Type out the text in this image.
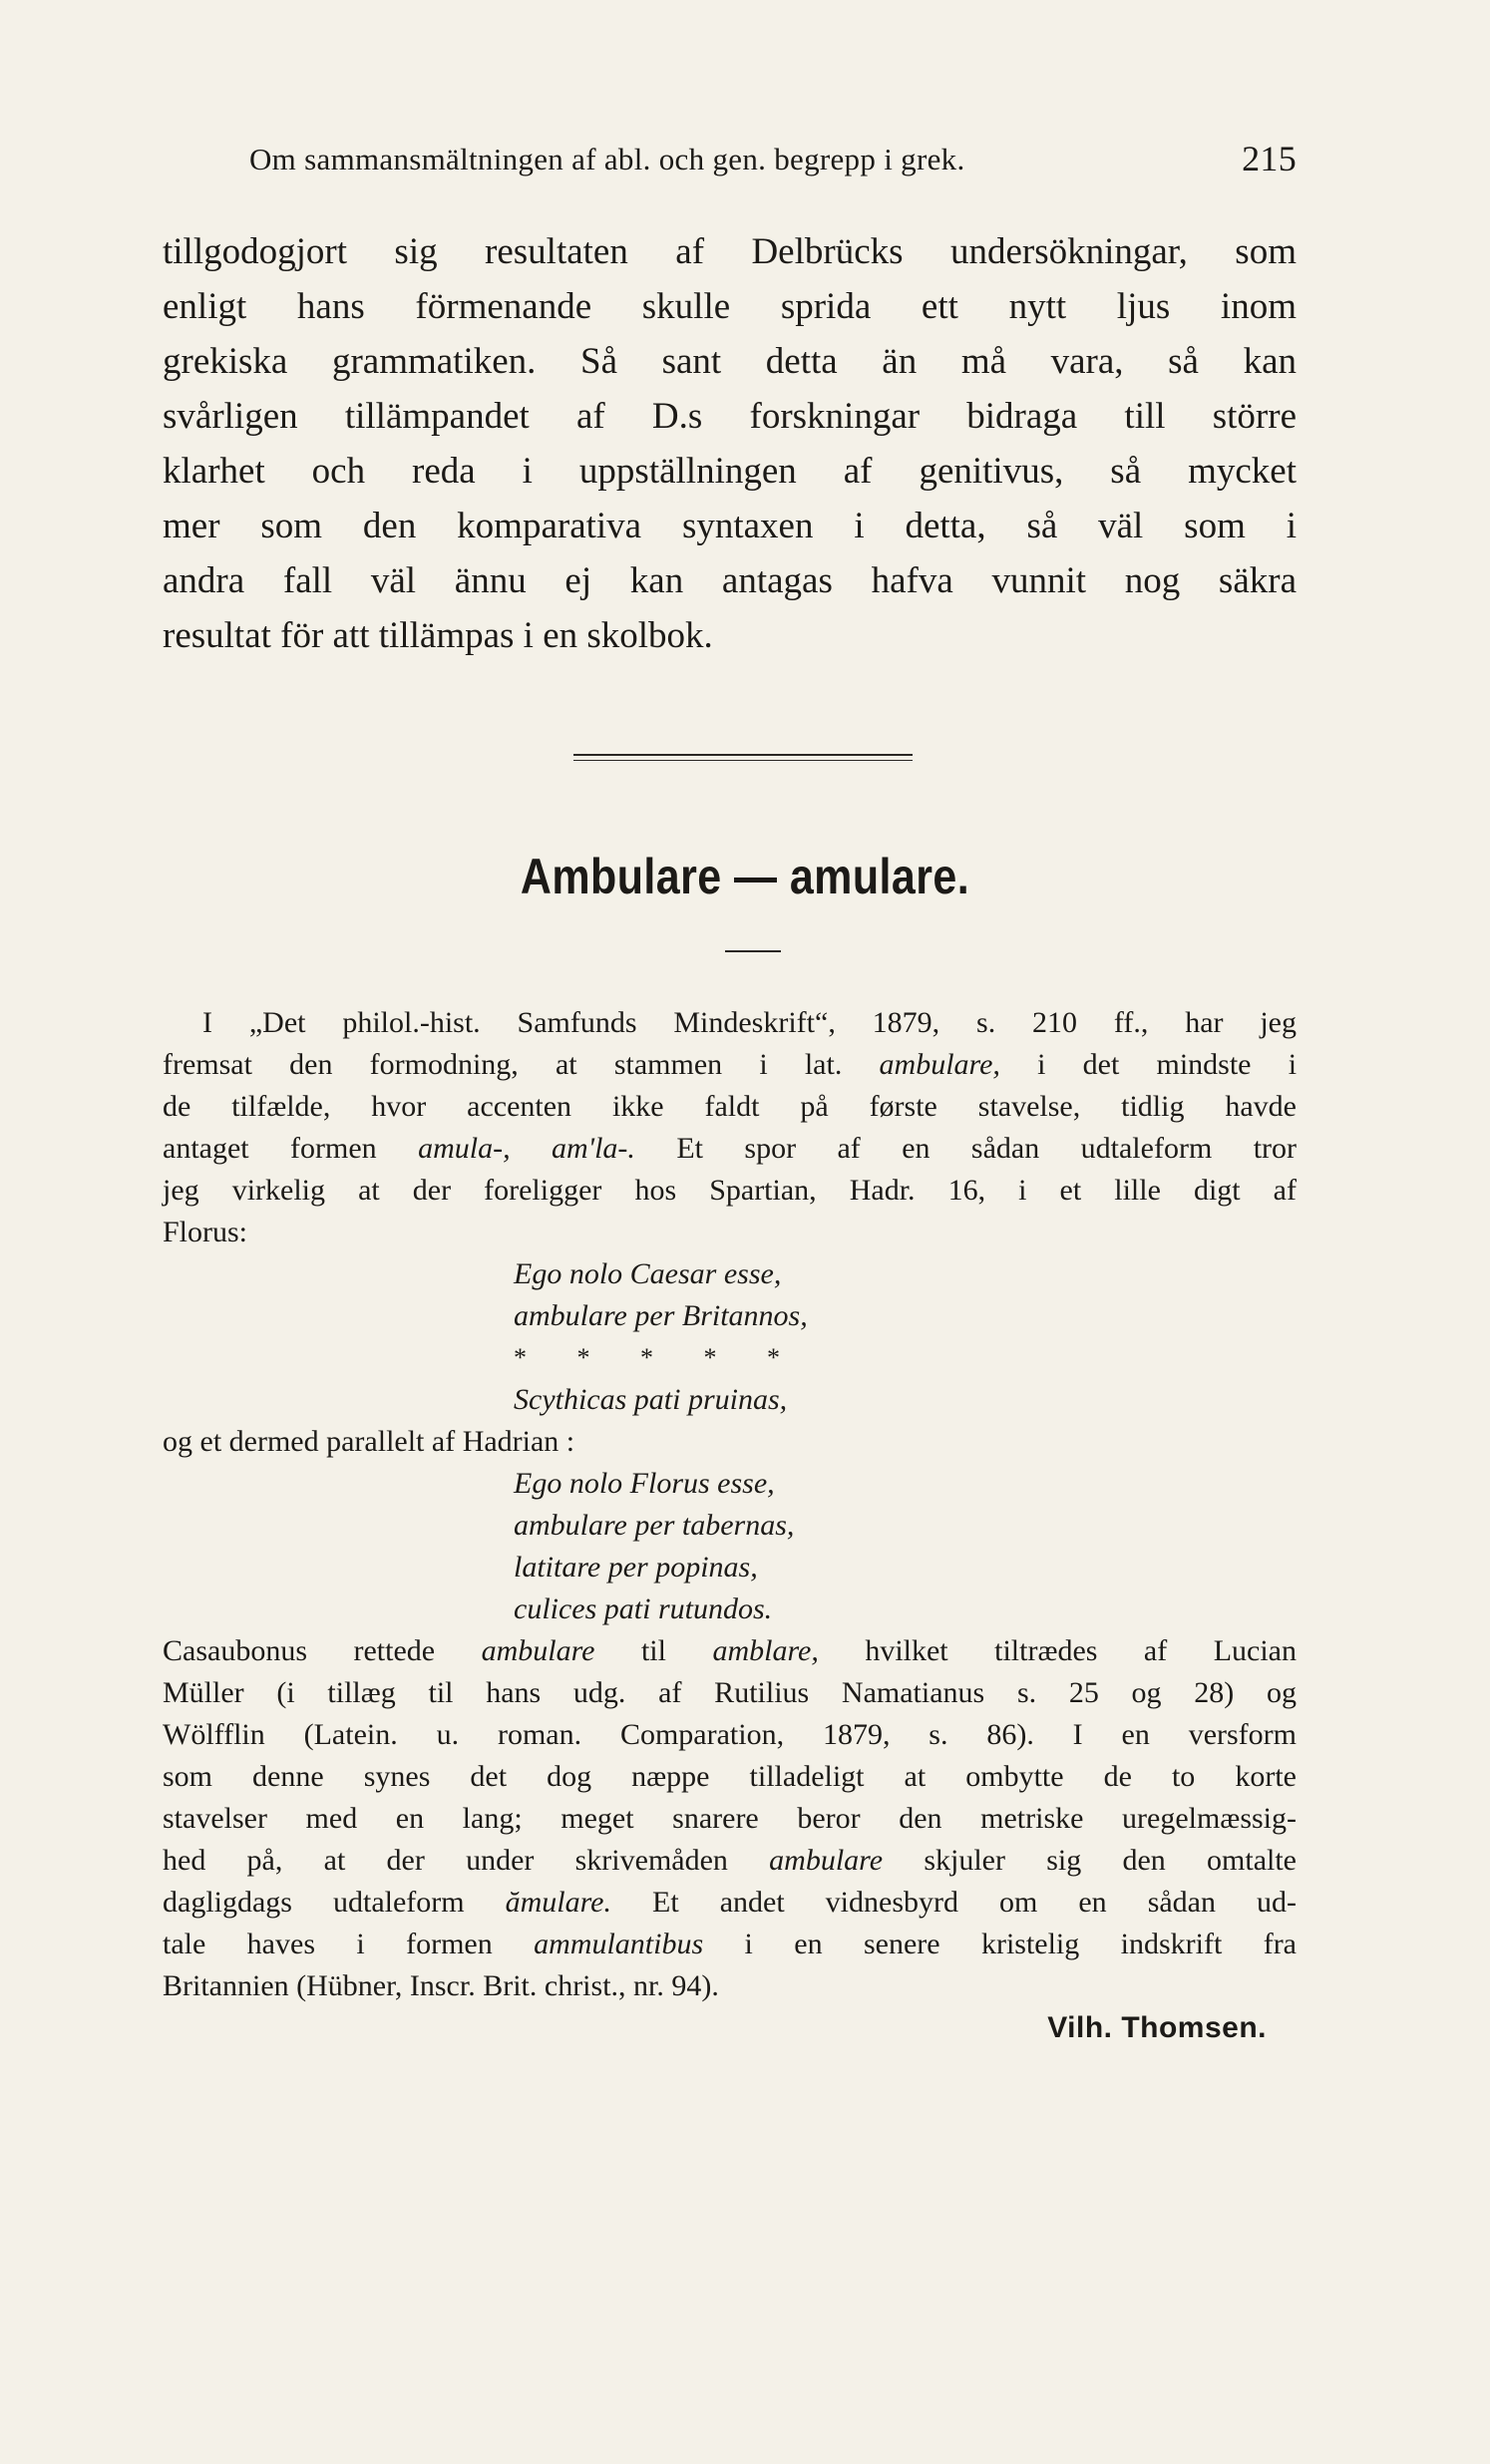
Om sammansmältningen af abl. och gen. begrepp i grek.	215
tillgodogjort sig resultaten af Delbrücks undersökningar, som
enligt hans förmenande skulle sprida ett nytt ljus inom
grekiska grammatiken. Så sant detta än må vara, så kan
svårligen tillämpandet af D.s forskningar bidraga till större
klarhet och reda i uppställningen af genitivus, så mycket
mer som den komparativa syntaxen i detta, så väl som i
andra fall väl ännu ej kan antagas hafva vunnit nog säkra
resultat för att tillämpas i en skolbok.
Ambulare — amulare.
I „Det philol.-hist. Samfunds Mindeskrift“, 1879, s. 210 ff., har jeg
fremsat den formodning, at stammen i lat. ambulare, i det mindste i
de tilfælde, hvor accenten ikke faldt på første stavelse, tidlig havde
antaget formen amula-, am'la-. Et spor af en sådan udtaleform tror
jeg virkelig at der foreligger hos Spartian, Hadr. 16, i et lille digt af
Florus:
Ego nolo Caesar esse,
ambulare per Britannos,
* * * * *
Scythicas pati pruinas,
og et dermed parallelt af Hadrian :
Ego nolo Florus esse,
ambulare per tabernas,
latitare per popinas,
culices pati rutundos.
Casaubonus rettede ambulare til amblare, hvilket tiltrædes af Lucian
Müller (i tillæg til hans udg. af Rutilius Namatianus s. 25 og 28) og
Wölfflin (Latein. u. roman. Comparation, 1879, s. 86). I en versform
som denne synes det dog næppe tilladeligt at ombytte de to korte
stavelser med en lang; meget snarere beror den metriske uregelmæssig-
hed på, at der under skrivemåden ambulare skjuler sig den omtalte
dagligdags udtaleform ămulare. Et andet vidnesbyrd om en sådan ud-
tale haves i formen ammulantibus i en senere kristelig indskrift fra
Britannien (Hübner, Inscr. Brit. christ., nr. 94).
Vilh. Thomsen.
